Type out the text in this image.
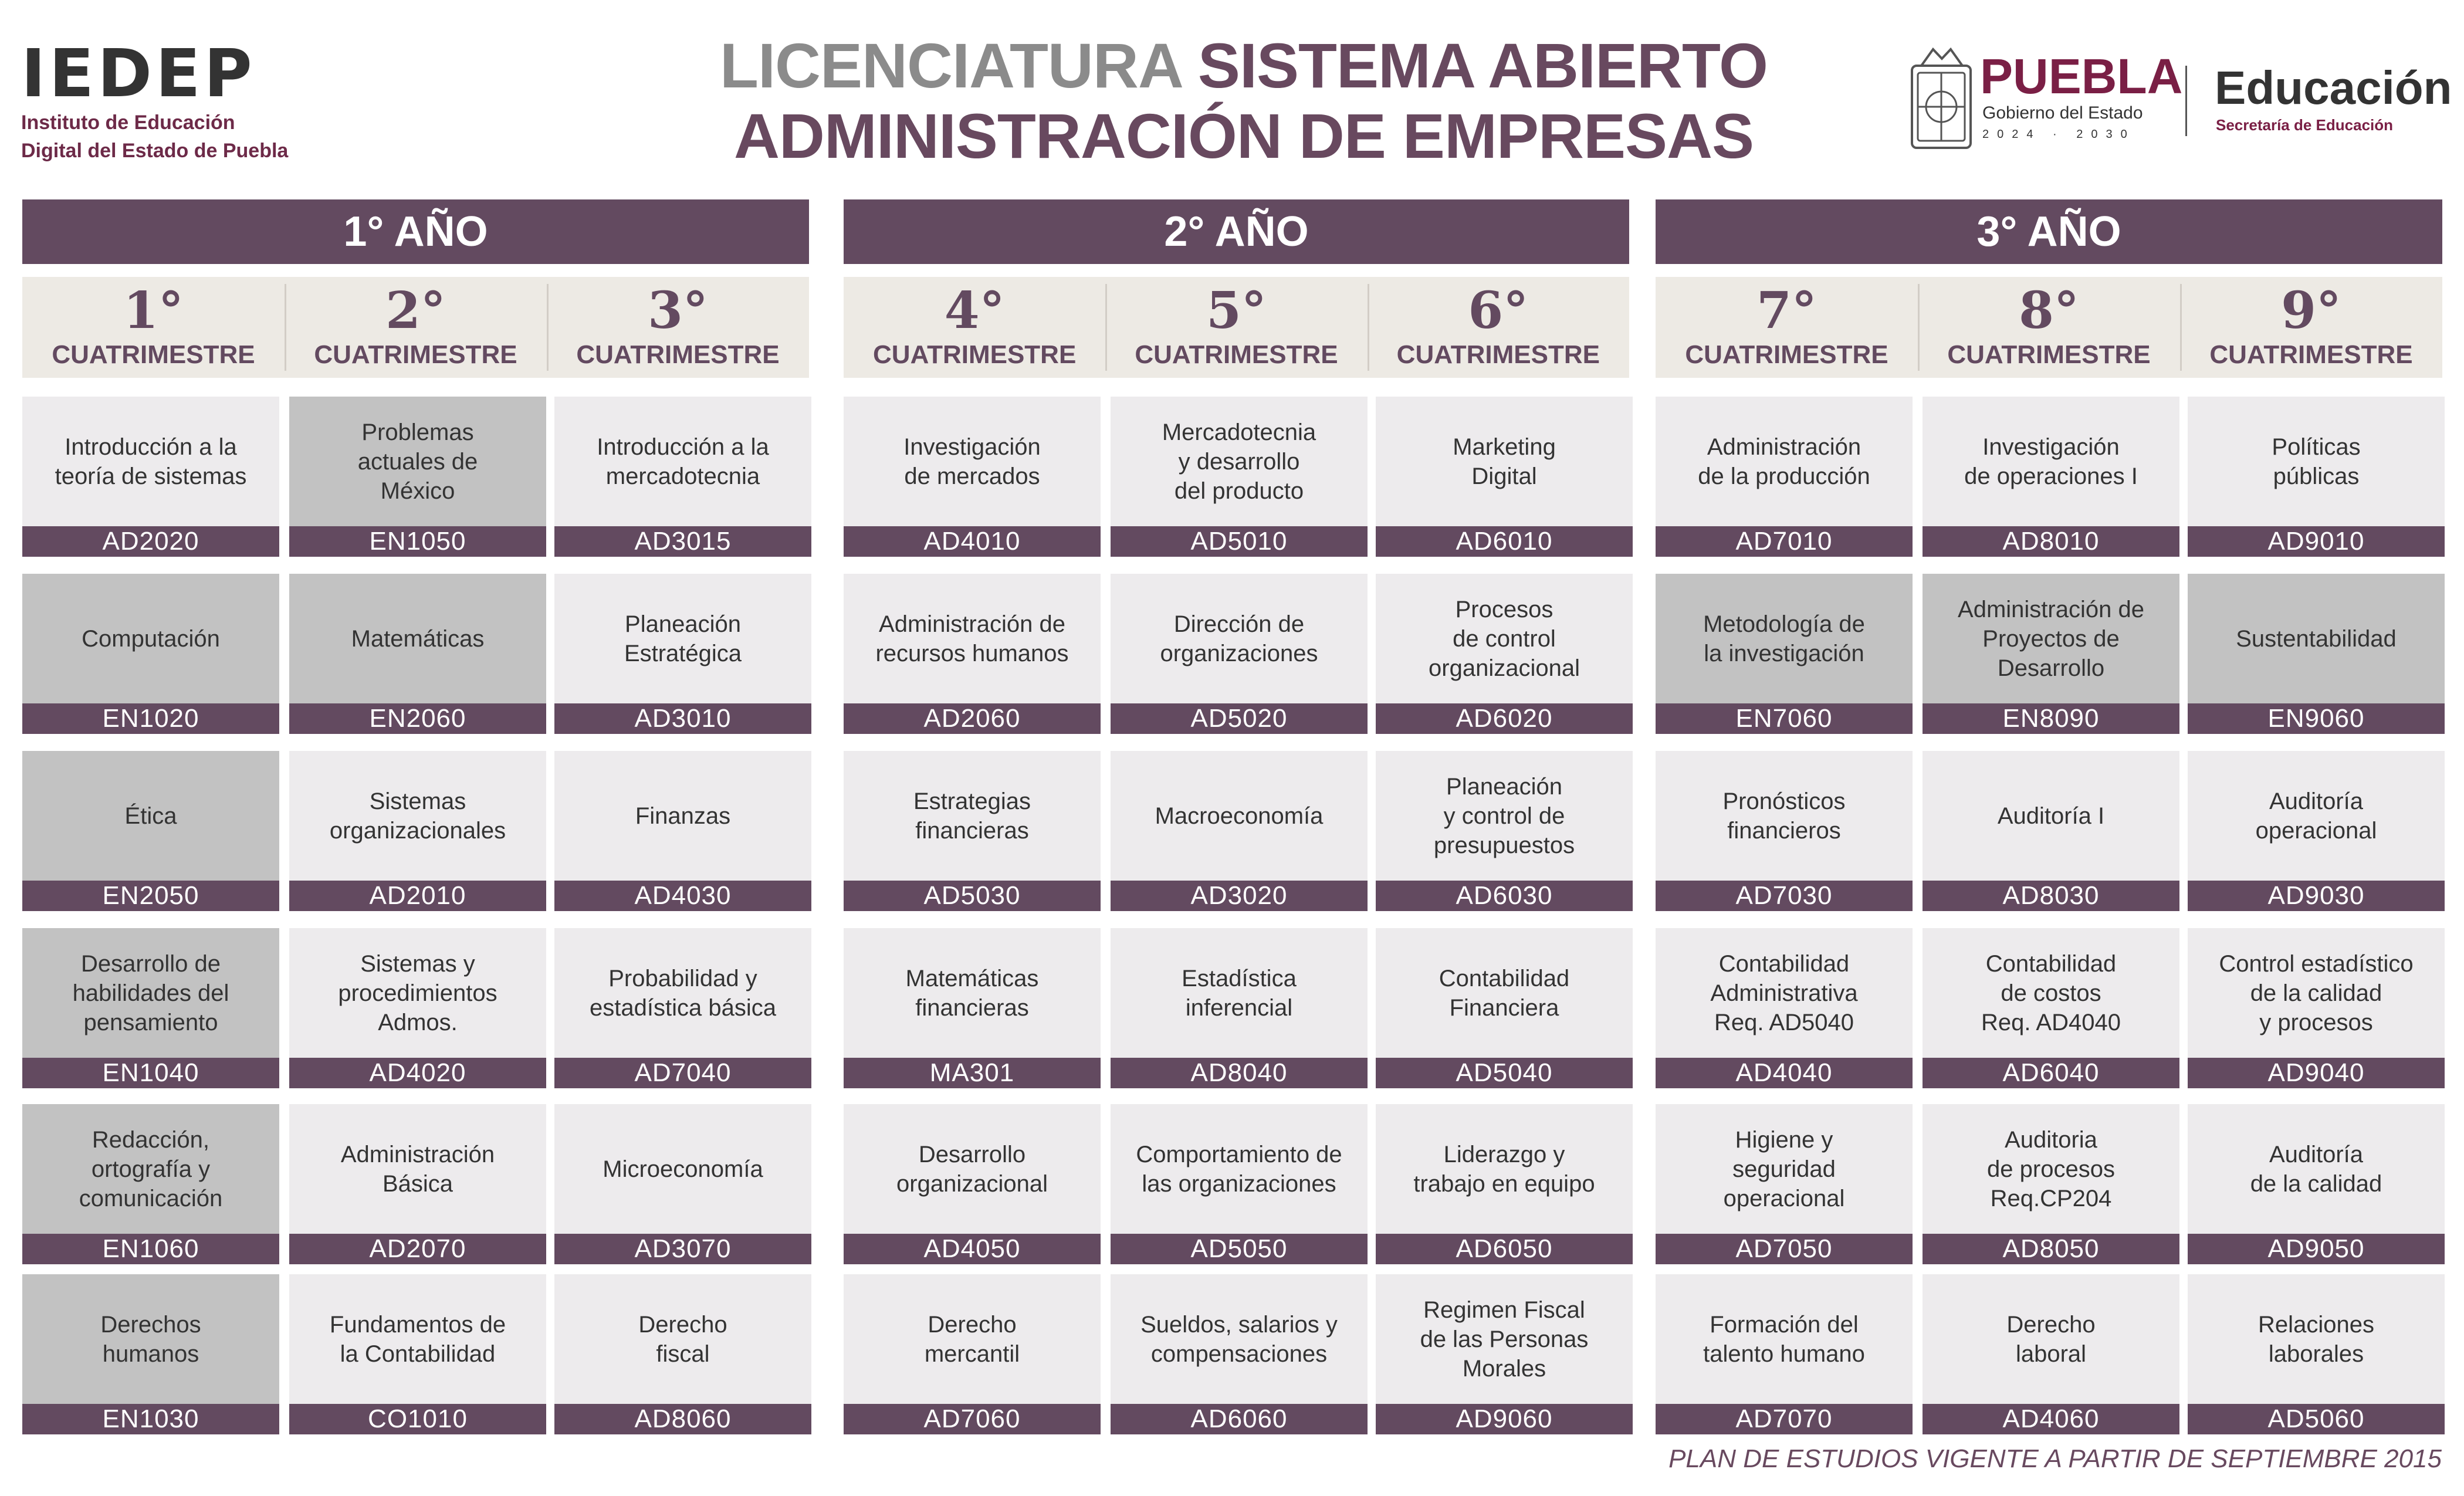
IEDEP
Instituto de Educación
Digital del Estado de Puebla
LICENCIATURA SISTEMA ABIERTO
ADMINISTRACIÓN DE EMPRESAS
PUEBLA
Gobierno del Estado
2024 · 2030
Educación
Secretaría de Educación
1° AÑO	2° AÑO	3° AÑO
1°
CUATRIMESTRE
2°
CUATRIMESTRE
3°
CUATRIMESTRE
4°
CUATRIMESTRE
5°
CUATRIMESTRE
6°
CUATRIMESTRE
7°
CUATRIMESTRE
8°
CUATRIMESTRE
9°
CUATRIMESTRE
Introducción a la
teoría de sistemas
AD2020
Computación
EN1020
Ética
EN2050
Desarrollo de
habilidades del
pensamiento
EN1040
Redacción,
ortografía y
comunicación
EN1060
Derechos
humanos
EN1030
Problemas
actuales de
México
EN1050
Matemáticas
EN2060
Sistemas
organizacionales
AD2010
Sistemas y
procedimientos
Admos.
AD4020
Administración
Básica
AD2070
Fundamentos de
la Contabilidad
CO1010
Introducción a la
mercadotecnia
AD3015
Planeación
Estratégica
AD3010
Finanzas
AD4030
Probabilidad y
estadística básica
AD7040
Microeconomía
AD3070
Derecho
fiscal
AD8060
Investigación
de mercados
AD4010
Administración de
recursos humanos
AD2060
Estrategias
financieras
AD5030
Matemáticas
financieras
MA301
Desarrollo
organizacional
AD4050
Derecho
mercantil
AD7060
Mercadotecnia
y desarrollo
del producto
AD5010
Dirección de
organizaciones
AD5020
Macroeconomía
AD3020
Estadística
inferencial
AD8040
Comportamiento de
las organizaciones
AD5050
Sueldos, salarios y
compensaciones
AD6060
Marketing
Digital
AD6010
Procesos
de control
organizacional
AD6020
Planeación
y control de
presupuestos
AD6030
Contabilidad
Financiera
AD5040
Liderazgo y
trabajo en equipo
AD6050
Regimen Fiscal
de las Personas
Morales
AD9060
Administración
de la producción
AD7010
Metodología de
la investigación
EN7060
Pronósticos
financieros
AD7030
Contabilidad
Administrativa
Req. AD5040
AD4040
Higiene y
seguridad
operacional
AD7050
Formación del
talento humano
AD7070
Investigación
de operaciones I
AD8010
Administración de
Proyectos de
Desarrollo
EN8090
Auditoría I
AD8030
Contabilidad
de costos
Req. AD4040
AD6040
Auditoria
de procesos
Req.CP204
AD8050
Derecho
laboral
AD4060
Políticas
públicas
AD9010
Sustentabilidad
EN9060
Auditoría
operacional
AD9030
Control estadístico
de la calidad
y procesos
AD9040
Auditoría
de la calidad
AD9050
Relaciones
laborales
AD5060
PLAN DE ESTUDIOS VIGENTE A PARTIR DE SEPTIEMBRE 2015
